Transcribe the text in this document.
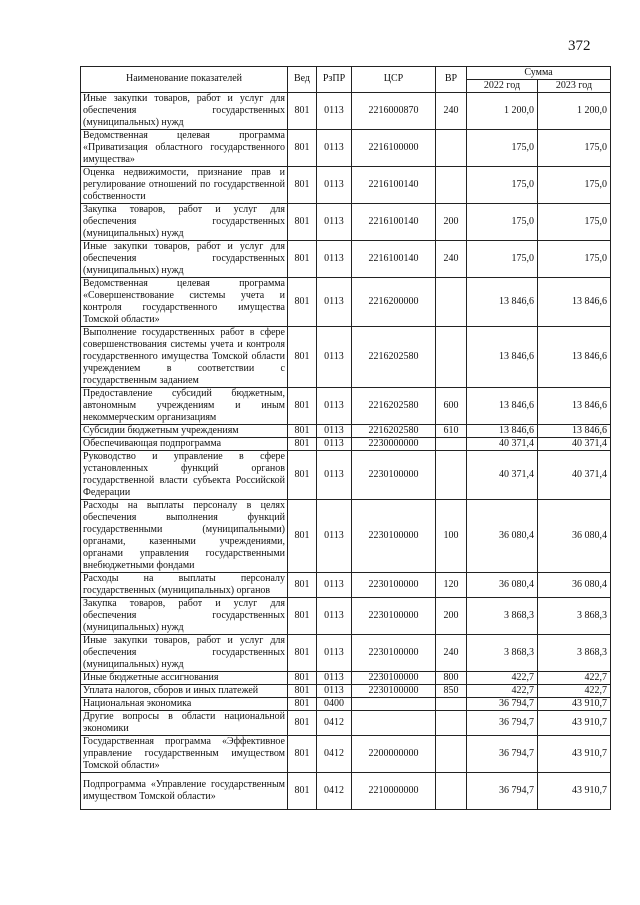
372
Наименование показателей	Вед	РзПР	ЦСР	ВР	Сумма	
					2022 год	2023 год
Иные закупки товаров, работ и услуг для обеспечения государственных (муниципальных) нужд	801	0113	2216000870	240	1 200,0	1 200,0
Ведомственная целевая программа «Приватизация областного государственного имущества»	801	0113	2216100000		175,0	175,0
Оценка недвижимости, признание прав и регулирование отношений по государственной собственности	801	0113	2216100140		175,0	175,0
Закупка товаров, работ и услуг для обеспечения государственных (муниципальных) нужд	801	0113	2216100140	200	175,0	175,0
Иные закупки товаров, работ и услуг для обеспечения государственных (муниципальных) нужд	801	0113	2216100140	240	175,0	175,0
Ведомственная целевая программа «Совершенствование системы учета и контроля государственного имущества Томской области»	801	0113	2216200000		13 846,6	13 846,6
Выполнение государственных работ в сфере совершенствования системы учета и контроля государственного имущества Томской области учреждением в соответствии с государственным заданием	801	0113	2216202580		13 846,6	13 846,6
Предоставление субсидий бюджетным, автономным учреждениям и иным некоммерческим организациям	801	0113	2216202580	600	13 846,6	13 846,6
Субсидии бюджетным учреждениям	801	0113	2216202580	610	13 846,6	13 846,6
Обеспечивающая подпрограмма	801	0113	2230000000		40 371,4	40 371,4
Руководство и управление в сфере установленных функций органов государственной власти субъекта Российской Федерации	801	0113	2230100000		40 371,4	40 371,4
Расходы на выплаты персоналу в целях обеспечения выполнения функций государственными (муниципальными) органами, казенными учреждениями, органами управления государственными внебюджетными фондами	801	0113	2230100000	100	36 080,4	36 080,4
Расходы на выплаты персоналу государственных (муниципальных) органов	801	0113	2230100000	120	36 080,4	36 080,4
Закупка товаров, работ и услуг для обеспечения государственных (муниципальных) нужд	801	0113	2230100000	200	3 868,3	3 868,3
Иные закупки товаров, работ и услуг для обеспечения государственных (муниципальных) нужд	801	0113	2230100000	240	3 868,3	3 868,3
Иные бюджетные ассигнования	801	0113	2230100000	800	422,7	422,7
Уплата налогов, сборов и иных платежей	801	0113	2230100000	850	422,7	422,7
Национальная экономика	801	0400			36 794,7	43 910,7
Другие вопросы в области национальной экономики	801	0412			36 794,7	43 910,7
Государственная программа «Эффективное управление государственным имуществом Томской области»	801	0412	2200000000		36 794,7	43 910,7
Подпрограмма «Управление государственным имуществом Томской области»	801	0412	2210000000		36 794,7	43 910,7
